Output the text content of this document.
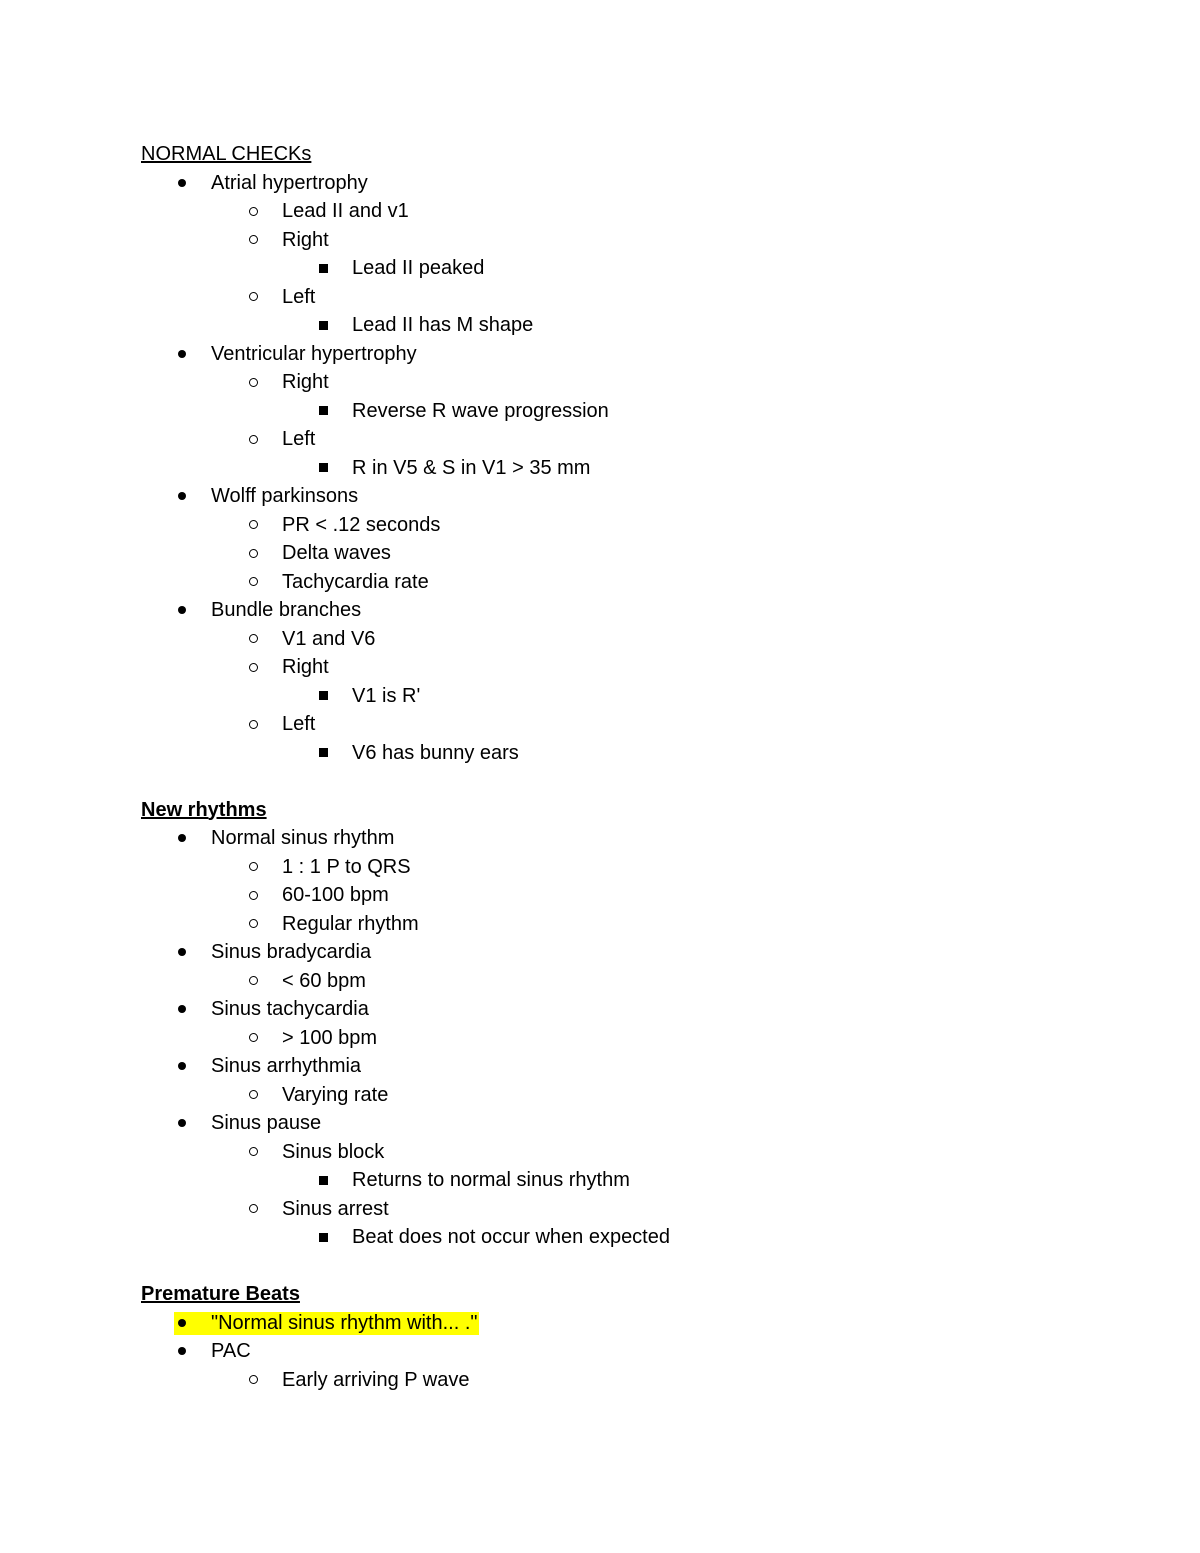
NORMAL CHECKs
Atrial hypertrophy
Lead II and v1
Right
Lead II peaked
Left
Lead II has M shape
Ventricular hypertrophy
Right
Reverse R wave progression
Left
R in V5 & S in V1 > 35 mm
Wolff parkinsons
PR < .12 seconds
Delta waves
Tachycardia rate
Bundle branches
V1 and V6
Right
V1 is R'
Left
V6 has bunny ears
New rhythms
Normal sinus rhythm
1 : 1 P to QRS
60-100 bpm
Regular rhythm
Sinus bradycardia
< 60 bpm
Sinus tachycardia
> 100 bpm
Sinus arrhythmia
Varying rate
Sinus pause
Sinus block
Returns to normal sinus rhythm
Sinus arrest
Beat does not occur when expected
Premature Beats
"Normal sinus rhythm with... ."
PAC
Early arriving P wave
